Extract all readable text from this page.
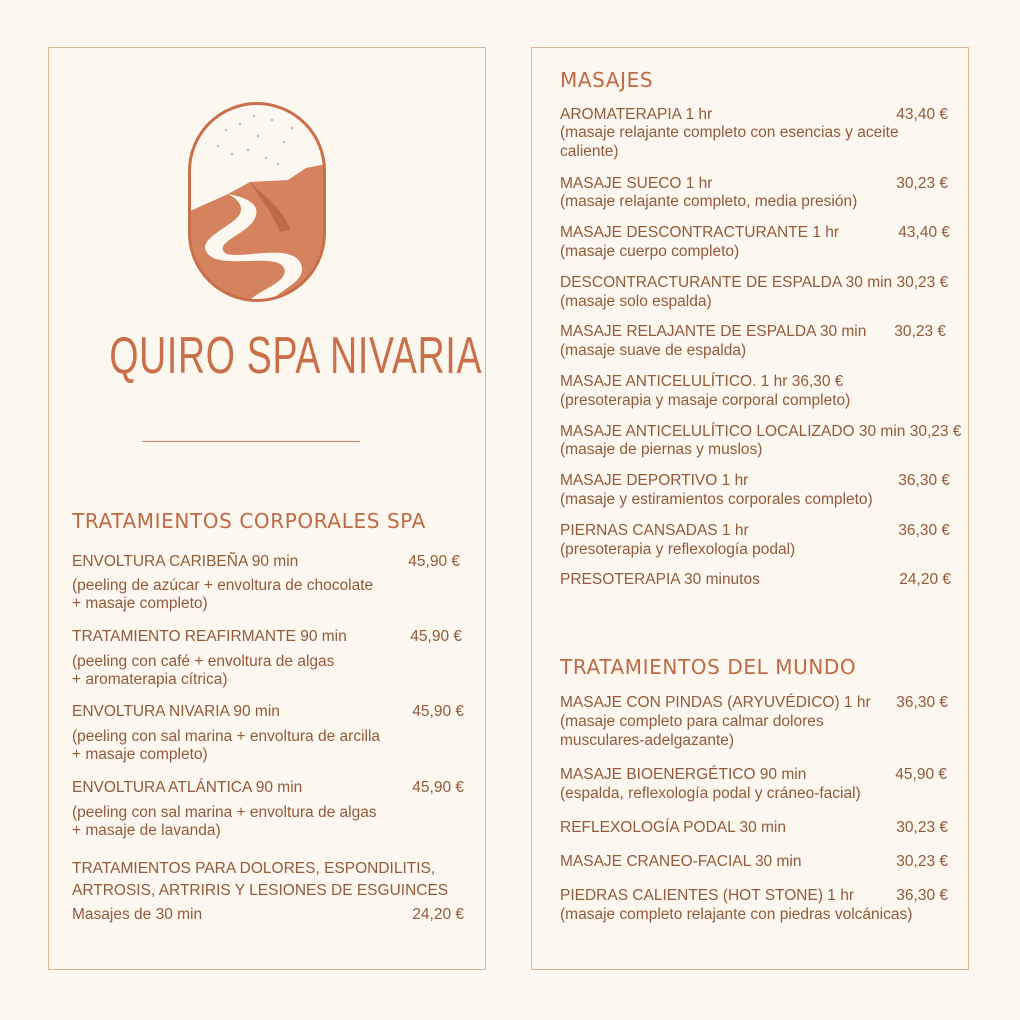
QUIRO SPA NIVARIA
TRATAMIENTOS CORPORALES SPA
ENVOLTURA CARIBEÑA 90 min	45,90 €
(peeling de azúcar + envoltura de chocolate
+ masaje completo)
TRATAMIENTO REAFIRMANTE 90 min	45,90 €
(peeling con café + envoltura de algas
+ aromaterapia cítrica)
ENVOLTURA NIVARIA 90 min	45,90 €
(peeling con sal marina + envoltura de arcilla
+ masaje completo)
ENVOLTURA ATLÁNTICA 90 min	45,90 €
(peeling con sal marina + envoltura de algas
+ masaje de lavanda)
TRATAMIENTOS PARA DOLORES, ESPONDILITIS,
ARTROSIS, ARTRIRIS Y LESIONES DE ESGUINCES
Masajes de 30 min	24,20 €
MASAJES
AROMATERAPIA 1 hr	43,40 €
(masaje relajante completo con esencias y aceite
caliente)
MASAJE SUECO 1 hr	30,23 €
(masaje relajante completo, media presión)
MASAJE DESCONTRACTURANTE 1 hr	43,40 €
(masaje cuerpo completo)
DESCONTRACTURANTE DE ESPALDA 30 min 30,23 €
(masaje solo espalda)
MASAJE RELAJANTE DE ESPALDA 30 min	30,23 €
(masaje suave de espalda)
MASAJE ANTICELULÍTICO. 1 hr 36,30 €
(presoterapia y masaje corporal completo)
MASAJE ANTICELULÍTICO LOCALIZADO 30 min 30,23 €
(masaje de piernas y muslos)
MASAJE DEPORTIVO 1 hr	36,30 €
(masaje y estiramientos corporales completo)
PIERNAS CANSADAS 1 hr	36,30 €
(presoterapia y reflexología podal)
PRESOTERAPIA 30 minutos	24,20 €
TRATAMIENTOS DEL MUNDO
MASAJE CON PINDAS (ARYUVÉDICO) 1 hr	36,30 €
(masaje completo para calmar dolores
musculares-adelgazante)
MASAJE BIOENERGÉTICO 90 min	45,90 €
(espalda, reflexología podal y cráneo-facial)
REFLEXOLOGÍA PODAL 30 min	30,23 €
MASAJE CRANEO-FACIAL 30 min	30,23 €
PIEDRAS CALIENTES (HOT STONE) 1 hr	36,30 €
(masaje completo relajante con piedras volcánicas)
